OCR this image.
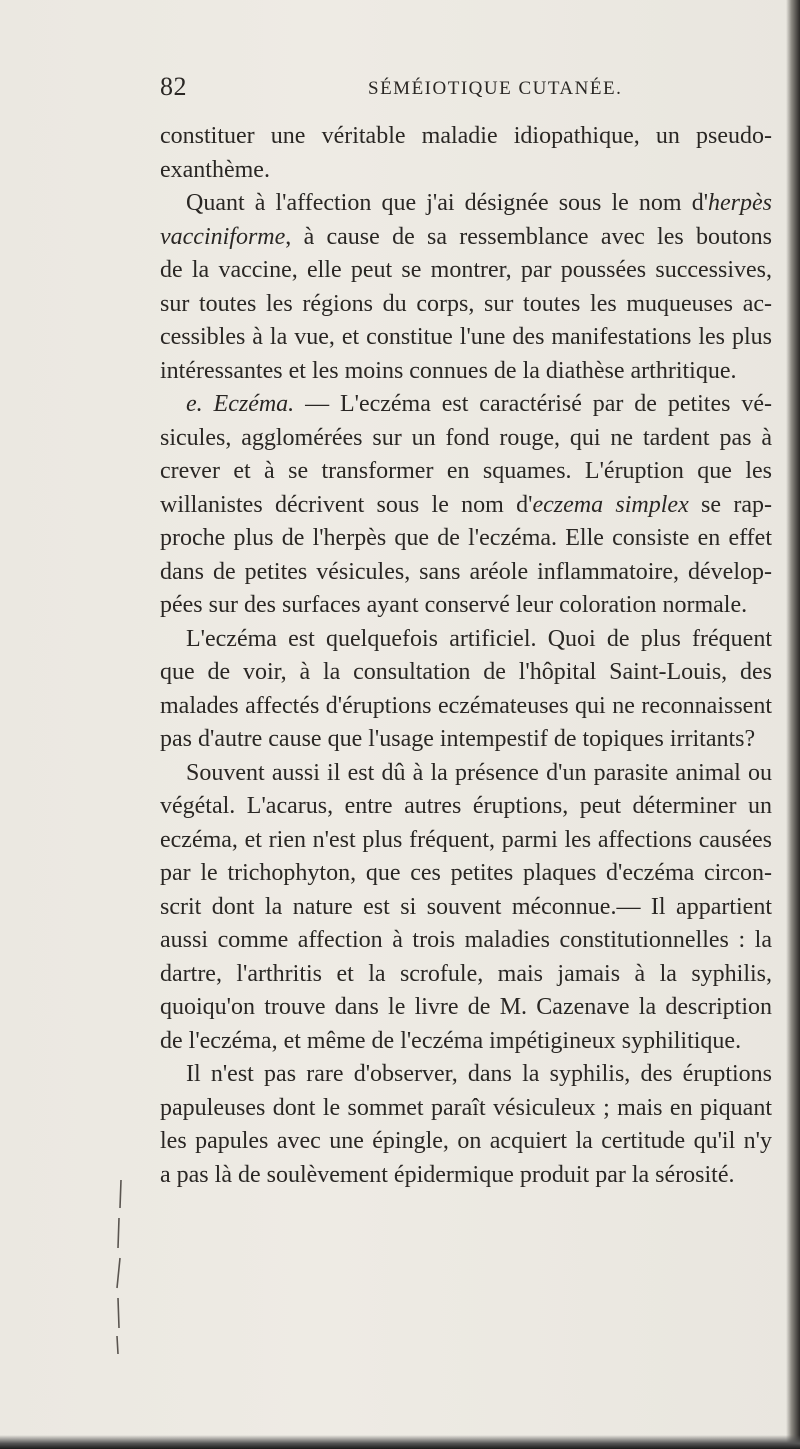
82	SÉMÉIOTIQUE CUTANÉE.
constituer une véritable maladie idiopathique, un pseudo-
exanthème.
Quant à l'affection que j'ai désignée sous le nom d'herpès
vacciniforme, à cause de sa ressemblance avec les boutons
de la vaccine, elle peut se montrer, par poussées successives,
sur toutes les régions du corps, sur toutes les muqueuses ac-
cessibles à la vue, et constitue l'une des manifestations les plus
intéressantes et les moins connues de la diathèse arthritique.
e. Eczéma. — L'eczéma est caractérisé par de petites vé-
sicules, agglomérées sur un fond rouge, qui ne tardent pas à
crever et à se transformer en squames. L'éruption que les
willanistes décrivent sous le nom d'eczema simplex se rap-
proche plus de l'herpès que de l'eczéma. Elle consiste en effet
dans de petites vésicules, sans aréole inflammatoire, dévelop-
pées sur des surfaces ayant conservé leur coloration normale.
L'eczéma est quelquefois artificiel. Quoi de plus fréquent
que de voir, à la consultation de l'hôpital Saint-Louis, des
malades affectés d'éruptions eczémateuses qui ne reconnaissent
pas d'autre cause que l'usage intempestif de topiques irritants?
Souvent aussi il est dû à la présence d'un parasite animal ou
végétal. L'acarus, entre autres éruptions, peut déterminer un
eczéma, et rien n'est plus fréquent, parmi les affections causées
par le trichophyton, que ces petites plaques d'eczéma circon-
scrit dont la nature est si souvent méconnue.— Il appartient
aussi comme affection à trois maladies constitutionnelles : la
dartre, l'arthritis et la scrofule, mais jamais à la syphilis,
quoiqu'on trouve dans le livre de M. Cazenave la description
de l'eczéma, et même de l'eczéma impétigineux syphilitique.
Il n'est pas rare d'observer, dans la syphilis, des éruptions
papuleuses dont le sommet paraît vésiculeux ; mais en piquant
les papules avec une épingle, on acquiert la certitude qu'il n'y
a pas là de soulèvement épidermique produit par la sérosité.
